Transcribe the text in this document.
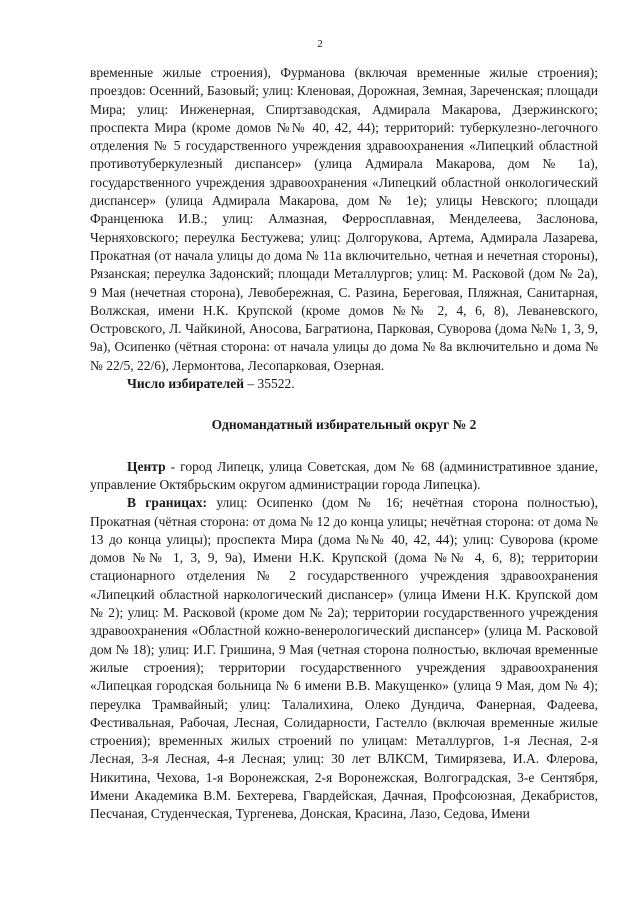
2

временные жилые строения), Фурманова (включая временные жилые строения); проездов: Осенний, Базовый; улиц: Кленовая, Дорожная, Земная, Зареченская; площади Мира; улиц: Инженерная, Спиртзаводская, Адмирала Макарова, Дзержинского; проспекта Мира (кроме домов №№ 40, 42, 44); территорий: туберкулезно-легочного отделения № 5 государственного учреждения здравоохранения «Липецкий областной противотуберкулезный диспансер» (улица Адмирала Макарова, дом № 1а), государственного учреждения здравоохранения «Липецкий областной онкологический диспансер» (улица Адмирала Макарова, дом № 1е); улицы Невского; площади Франценюка И.В.; улиц: Алмазная, Ферросплавная, Менделеева, Заслонова, Черняховского; переулка Бестужева; улиц: Долгорукова, Артема, Адмирала Лазарева, Прокатная (от начала улицы до дома № 11а включительно, четная и нечетная стороны), Рязанская; переулка Задонский; площади Металлургов; улиц: М. Расковой (дом № 2а), 9 Мая (нечетная сторона), Левобережная, С. Разина, Береговая, Пляжная, Санитарная, Волжская, имени Н.К. Крупской (кроме домов №№ 2, 4, 6, 8), Леваневского, Островского, Л. Чайкиной, Аносова, Багратиона, Парковая, Суворова (дома №№ 1, 3, 9, 9а), Осипенко (чётная сторона: от начала улицы до дома № 8а включительно и дома №№ 22/5, 22/6), Лермонтова, Лесопарковая, Озерная.

Число избирателей – 35522.

Одномандатный избирательный округ № 2

Центр - город Липецк, улица Советская, дом № 68 (административное здание, управление Октябрьским округом администрации города Липецка).

В границах: улиц: Осипенко (дом № 16; нечётная сторона полностью), Прокатная (чётная сторона: от дома № 12 до конца улицы; нечётная сторона: от дома № 13 до конца улицы); проспекта Мира (дома №№ 40, 42, 44); улиц: Суворова (кроме домов №№ 1, 3, 9, 9а), Имени Н.К. Крупской (дома №№ 4, 6, 8); территории стационарного отделения № 2 государственного учреждения здравоохранения «Липецкий областной наркологический диспансер» (улица Имени Н.К. Крупской дом № 2); улиц: М. Расковой (кроме дом № 2а); территории государственного учреждения здравоохранения «Областной кожно-венерологический диспансер» (улица М. Расковой дом № 18); улиц: И.Г. Гришина, 9 Мая (четная сторона полностью, включая временные жилые строения); территории государственного учреждения здравоохранения «Липецкая городская больница № 6 имени В.В. Макущенко» (улица 9 Мая, дом № 4); переулка Трамвайный; улиц: Талалихина, Олеко Дундича, Фанерная, Фадеева, Фестивальная, Рабочая, Лесная, Солидарности, Гастелло (включая временные жилые строения); временных жилых строений по улицам: Металлургов, 1-я Лесная, 2-я Лесная, 3-я Лесная, 4-я Лесная; улиц: 30 лет ВЛКСМ, Тимирязева, И.А. Флерова, Никитина, Чехова, 1-я Воронежская, 2-я Воронежская, Волгоградская, 3-е Сентября, Имени Академика В.М. Бехтерева, Гвардейская, Дачная, Профсоюзная, Декабристов, Песчаная, Студенческая, Тургенева, Донская, Красина, Лазо, Седова, Имени
